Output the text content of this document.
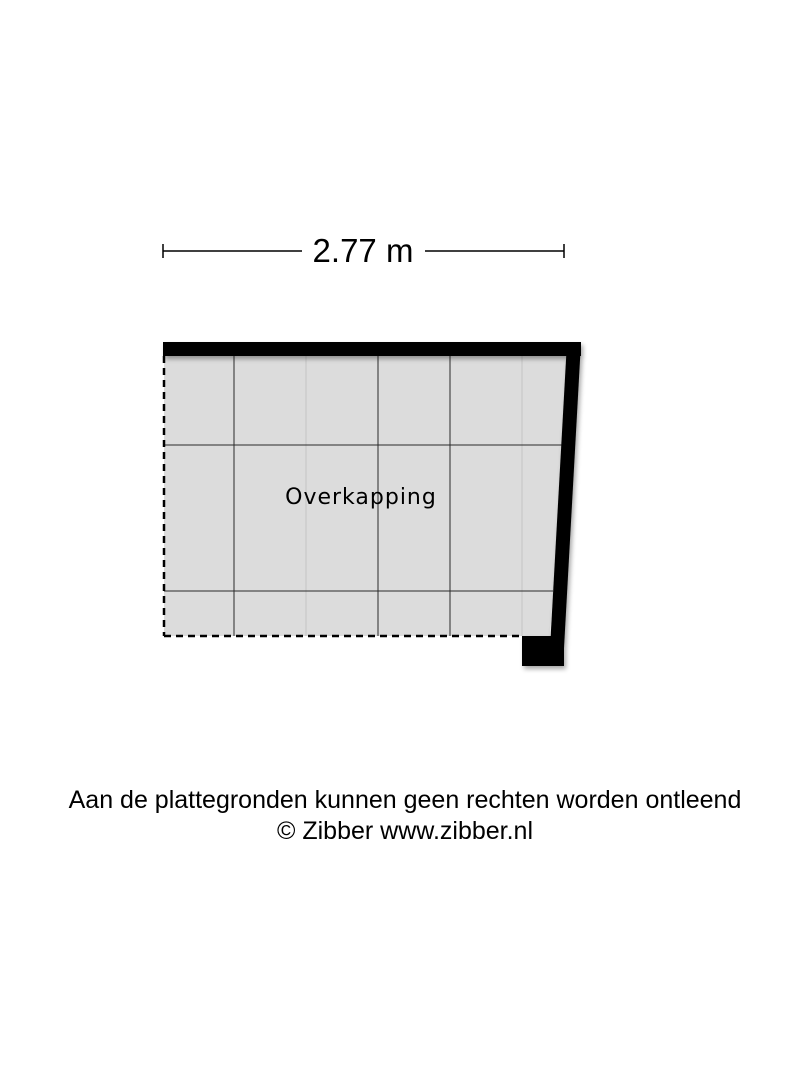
2.77 m
Overkapping
Aan de plattegronden kunnen geen rechten worden ontleend
© Zibber www.zibber.nl
